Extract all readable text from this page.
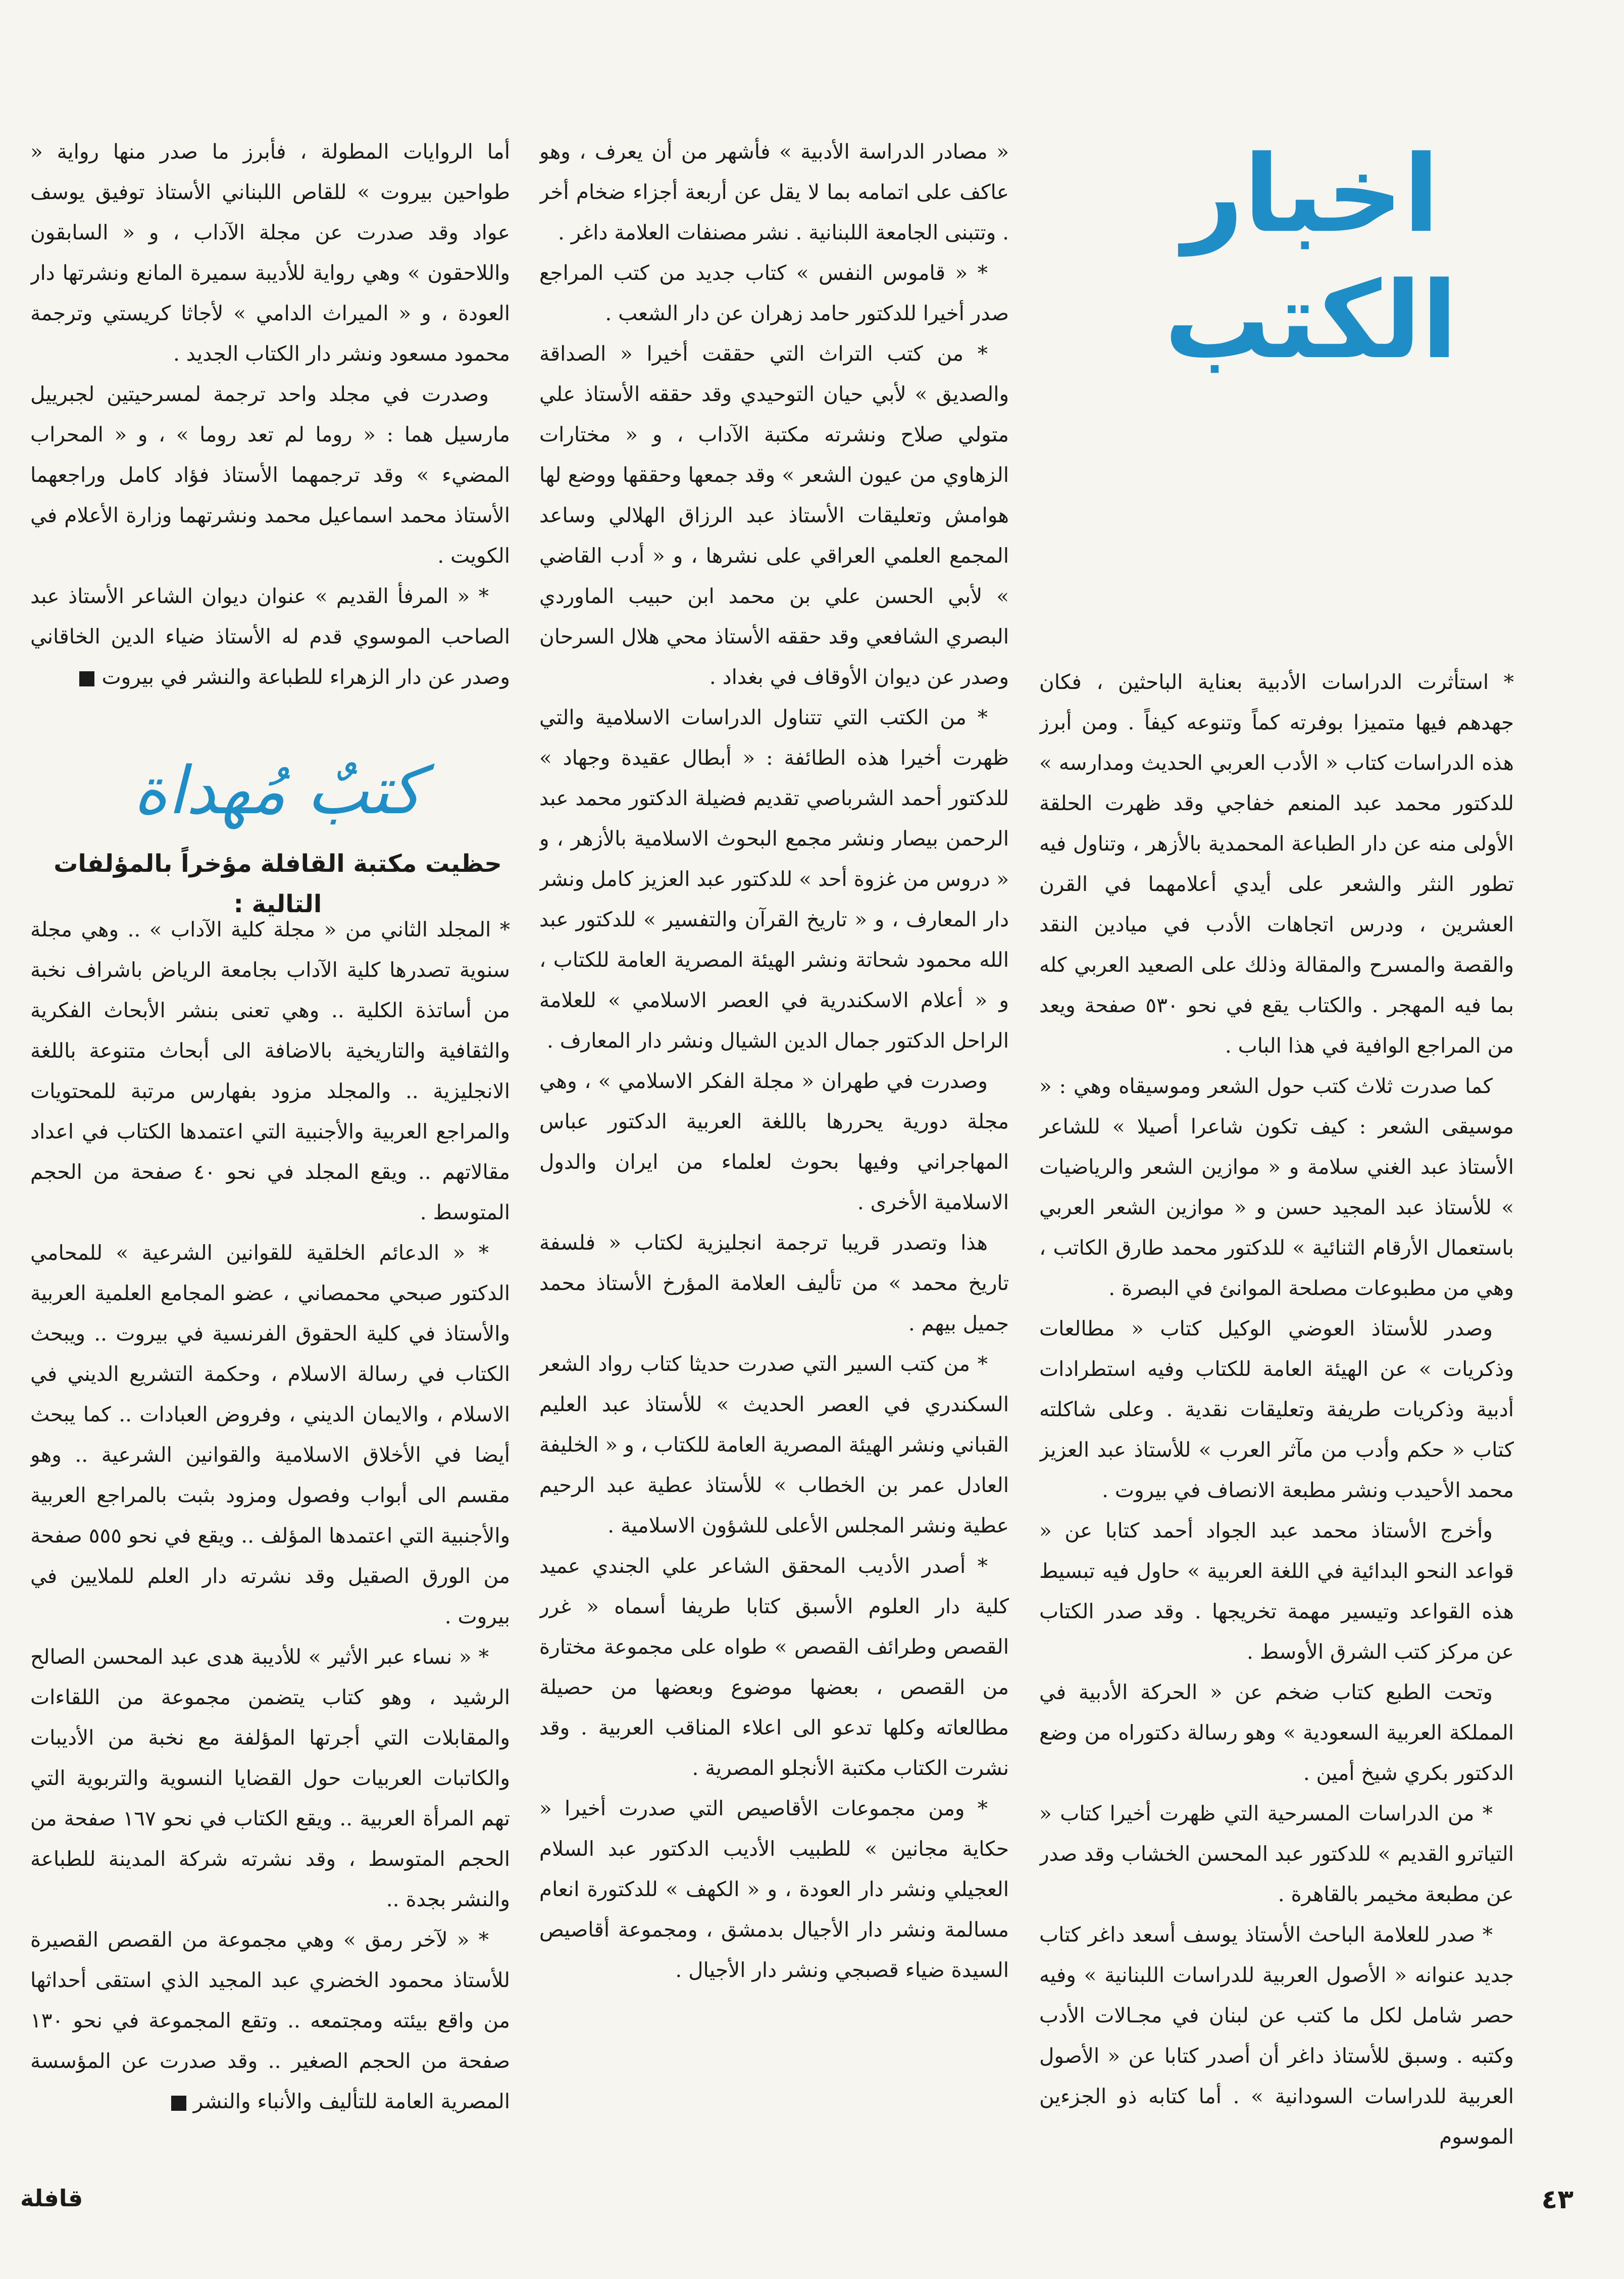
اخبار
الكتب

* استأثرت الدراسات الأدبية بعناية الباحثين ، فكان جهدهم فيها متميزا بوفرته كماً وتنوعه كيفاً . ومن أبرز هذه الدراسات كتاب « الأدب العربي الحديث ومدارسه » للدكتور محمد عبد المنعم خفاجي وقد ظهرت الحلقة الأولى منه عن دار الطباعة المحمدية بالأزهر ، وتناول فيه تطور النثر والشعر على أيدي أعلامهما في القرن العشرين ، ودرس اتجاهات الأدب في ميادين النقد والقصة والمسرح والمقالة وذلك على الصعيد العربي كله بما فيه المهجر . والكتاب يقع في نحو ٥٣٠ صفحة ويعد من المراجع الوافية في هذا الباب .

كما صدرت ثلاث كتب حول الشعر وموسيقاه وهي : « موسيقى الشعر : كيف تكون شاعرا أصيلا » للشاعر الأستاذ عبد الغني سلامة و « موازين الشعر والرياضيات » للأستاذ عبد المجيد حسن و « موازين الشعر العربي باستعمال الأرقام الثنائية » للدكتور محمد طارق الكاتب ، وهي من مطبوعات مصلحة الموانئ في البصرة .

وصدر للأستاذ العوضي الوكيل كتاب « مطالعات وذكريات » عن الهيئة العامة للكتاب وفيه استطرادات أدبية وذكريات طريفة وتعليقات نقدية . وعلى شاكلته كتاب « حكم وأدب من مآثر العرب » للأستاذ عبد العزيز محمد الأحيدب ونشر مطبعة الانصاف في بيروت .

وأخرج الأستاذ محمد عبد الجواد أحمد كتابا عن « قواعد النحو البدائية في اللغة العربية » حاول فيه تبسيط هذه القواعد وتيسير مهمة تخريجها . وقد صدر الكتاب عن مركز كتب الشرق الأوسط .

وتحت الطبع كتاب ضخم عن « الحركة الأدبية في المملكة العربية السعودية » وهو رسالة دكتوراه من وضع الدكتور بكري شيخ أمين .

* من الدراسات المسرحية التي ظهرت أخيرا كتاب « التياترو القديم » للدكتور عبد المحسن الخشاب وقد صدر عن مطبعة مخيمر بالقاهرة .

* صدر للعلامة الباحث الأستاذ يوسف أسعد داغر كتاب جديد عنوانه « الأصول العربية للدراسات اللبنانية » وفيه حصر شامل لكل ما كتب عن لبنان في مجـالات الأدب وكتبه . وسبق للأستاذ داغر أن أصدر كتابا عن « الأصول العربية للدراسات السودانية » . أما كتابه ذو الجزءين الموسوم

« مصادر الدراسة الأدبية » فأشهر من أن يعرف ، وهو عاكف على اتمامه بما لا يقل عن أربعة أجزاء ضخام أخر . وتتبنى الجامعة اللبنانية . نشر مصنفات العلامة داغر .

* « قاموس النفس » كتاب جديد من كتب المراجع صدر أخيرا للدكتور حامد زهران عن دار الشعب .

* من كتب التراث التي حققت أخيرا « الصداقة والصديق » لأبي حيان التوحيدي وقد حققه الأستاذ علي متولي صلاح ونشرته مكتبة الآداب ، و « مختارات الزهاوي من عيون الشعر » وقد جمعها وحققها ووضع لها هوامش وتعليقات الأستاذ عبد الرزاق الهلالي وساعد المجمع العلمي العراقي على نشرها ، و « أدب القاضي » لأبي الحسن علي بن محمد ابن حبيب الماوردي البصري الشافعي وقد حققه الأستاذ محي هلال السرحان وصدر عن ديوان الأوقاف في بغداد .

* من الكتب التي تتناول الدراسات الاسلامية والتي ظهرت أخيرا هذه الطائفة : « أبطال عقيدة وجهاد » للدكتور أحمد الشرباصي تقديم فضيلة الدكتور محمد عبد الرحمن بيصار ونشر مجمع البحوث الاسلامية بالأزهر ، و « دروس من غزوة أحد » للدكتور عبد العزيز كامل ونشر دار المعارف ، و « تاريخ القرآن والتفسير » للدكتور عبد الله محمود شحاتة ونشر الهيئة المصرية العامة للكتاب ، و « أعلام الاسكندرية في العصر الاسلامي » للعلامة الراحل الدكتور جمال الدين الشيال ونشر دار المعارف .

وصدرت في طهران « مجلة الفكر الاسلامي » ، وهي مجلة دورية يحررها باللغة العربية الدكتور عباس المهاجراني وفيها بحوث لعلماء من ايران والدول الاسلامية الأخرى .

هذا وتصدر قريبا ترجمة انجليزية لكتاب « فلسفة تاريخ محمد » من تأليف العلامة المؤرخ الأستاذ محمد جميل بيهم .

* من كتب السير التي صدرت حديثا كتاب رواد الشعر السكندري في العصر الحديث » للأستاذ عبد العليم القباني ونشر الهيئة المصرية العامة للكتاب ، و « الخليفة العادل عمر بن الخطاب » للأستاذ عطية عبد الرحيم عطية ونشر المجلس الأعلى للشؤون الاسلامية .

* أصدر الأديب المحقق الشاعر علي الجندي عميد كلية دار العلوم الأسبق كتابا طريفا أسماه « غرر القصص وطرائف القصص » طواه على مجموعة مختارة من القصص ، بعضها موضوع وبعضها من حصيلة مطالعاته وكلها تدعو الى اعلاء المناقب العربية . وقد نشرت الكتاب مكتبة الأنجلو المصرية .

* ومن مجموعات الأقاصيص التي صدرت أخيرا « حكاية مجانين » للطبيب الأديب الدكتور عبد السلام العجيلي ونشر دار العودة ، و « الكهف » للدكتورة انعام مسالمة ونشر دار الأجيال بدمشق ، ومجموعة أقاصيص السيدة ضياء قصبجي ونشر دار الأجيال .

أما الروايات المطولة ، فأبرز ما صدر منها رواية « طواحين بيروت » للقاص اللبناني الأستاذ توفيق يوسف عواد وقد صدرت عن مجلة الآداب ، و « السابقون واللاحقون » وهي رواية للأديبة سميرة المانع ونشرتها دار العودة ، و « الميراث الدامي » لأجاثا كريستي وترجمة محمود مسعود ونشر دار الكتاب الجديد .

وصدرت في مجلد واحد ترجمة لمسرحيتين لجبرييل مارسيل هما : « روما لم تعد روما » ، و « المحراب المضيء » وقد ترجمهما الأستاذ فؤاد كامل وراجعهما الأستاذ محمد اسماعيل محمد ونشرتهما وزارة الأعلام في الكويت .

* « المرفأ القديم » عنوان ديوان الشاعر الأستاذ عبد الصاحب الموسوي قدم له الأستاذ ضياء الدين الخاقاني وصدر عن دار الزهراء للطباعة والنشر في بيروت

كتبٌ مُهداة
حظيت مكتبة القافلة مؤخراً بالمؤلفات التالية :

* المجلد الثاني من « مجلة كلية الآداب » .. وهي مجلة سنوية تصدرها كلية الآداب بجامعة الرياض باشراف نخبة من أساتذة الكلية .. وهي تعنى بنشر الأبحاث الفكرية والثقافية والتاريخية بالاضافة الى أبحاث متنوعة باللغة الانجليزية .. والمجلد مزود بفهارس مرتبة للمحتويات والمراجع العربية والأجنبية التي اعتمدها الكتاب في اعداد مقالاتهم .. ويقع المجلد في نحو ٤٠ صفحة من الحجم المتوسط .

* « الدعائم الخلقية للقوانين الشرعية » للمحامي الدكتور صبحي محمصاني ، عضو المجامع العلمية العربية والأستاذ في كلية الحقوق الفرنسية في بيروت .. ويبحث الكتاب في رسالة الاسلام ، وحكمة التشريع الديني في الاسلام ، والايمان الديني ، وفروض العبادات .. كما يبحث أيضا في الأخلاق الاسلامية والقوانين الشرعية .. وهو مقسم الى أبواب وفصول ومزود بثبت بالمراجع العربية والأجنبية التي اعتمدها المؤلف .. ويقع في نحو ٥٥٥ صفحة من الورق الصقيل وقد نشرته دار العلم للملايين في بيروت .

* « نساء عبر الأثير » للأديبة هدى عبد المحسن الصالح الرشيد ، وهو كتاب يتضمن مجموعة من اللقاءات والمقابلات التي أجرتها المؤلفة مع نخبة من الأديبات والكاتبات العربيات حول القضايا النسوية والتربوية التي تهم المرأة العربية .. ويقع الكتاب في نحو ١٦٧ صفحة من الحجم المتوسط ، وقد نشرته شركة المدينة للطباعة والنشر بجدة ..

* « لآخر رمق » وهي مجموعة من القصص القصيرة للأستاذ محمود الخضري عبد المجيد الذي استقى أحداثها من واقع بيئته ومجتمعه .. وتقع المجموعة في نحو ١٣٠ صفحة من الحجم الصغير .. وقد صدرت عن المؤسسة المصرية العامة للتأليف والأنباء والنشر

٤٣
قافلة
